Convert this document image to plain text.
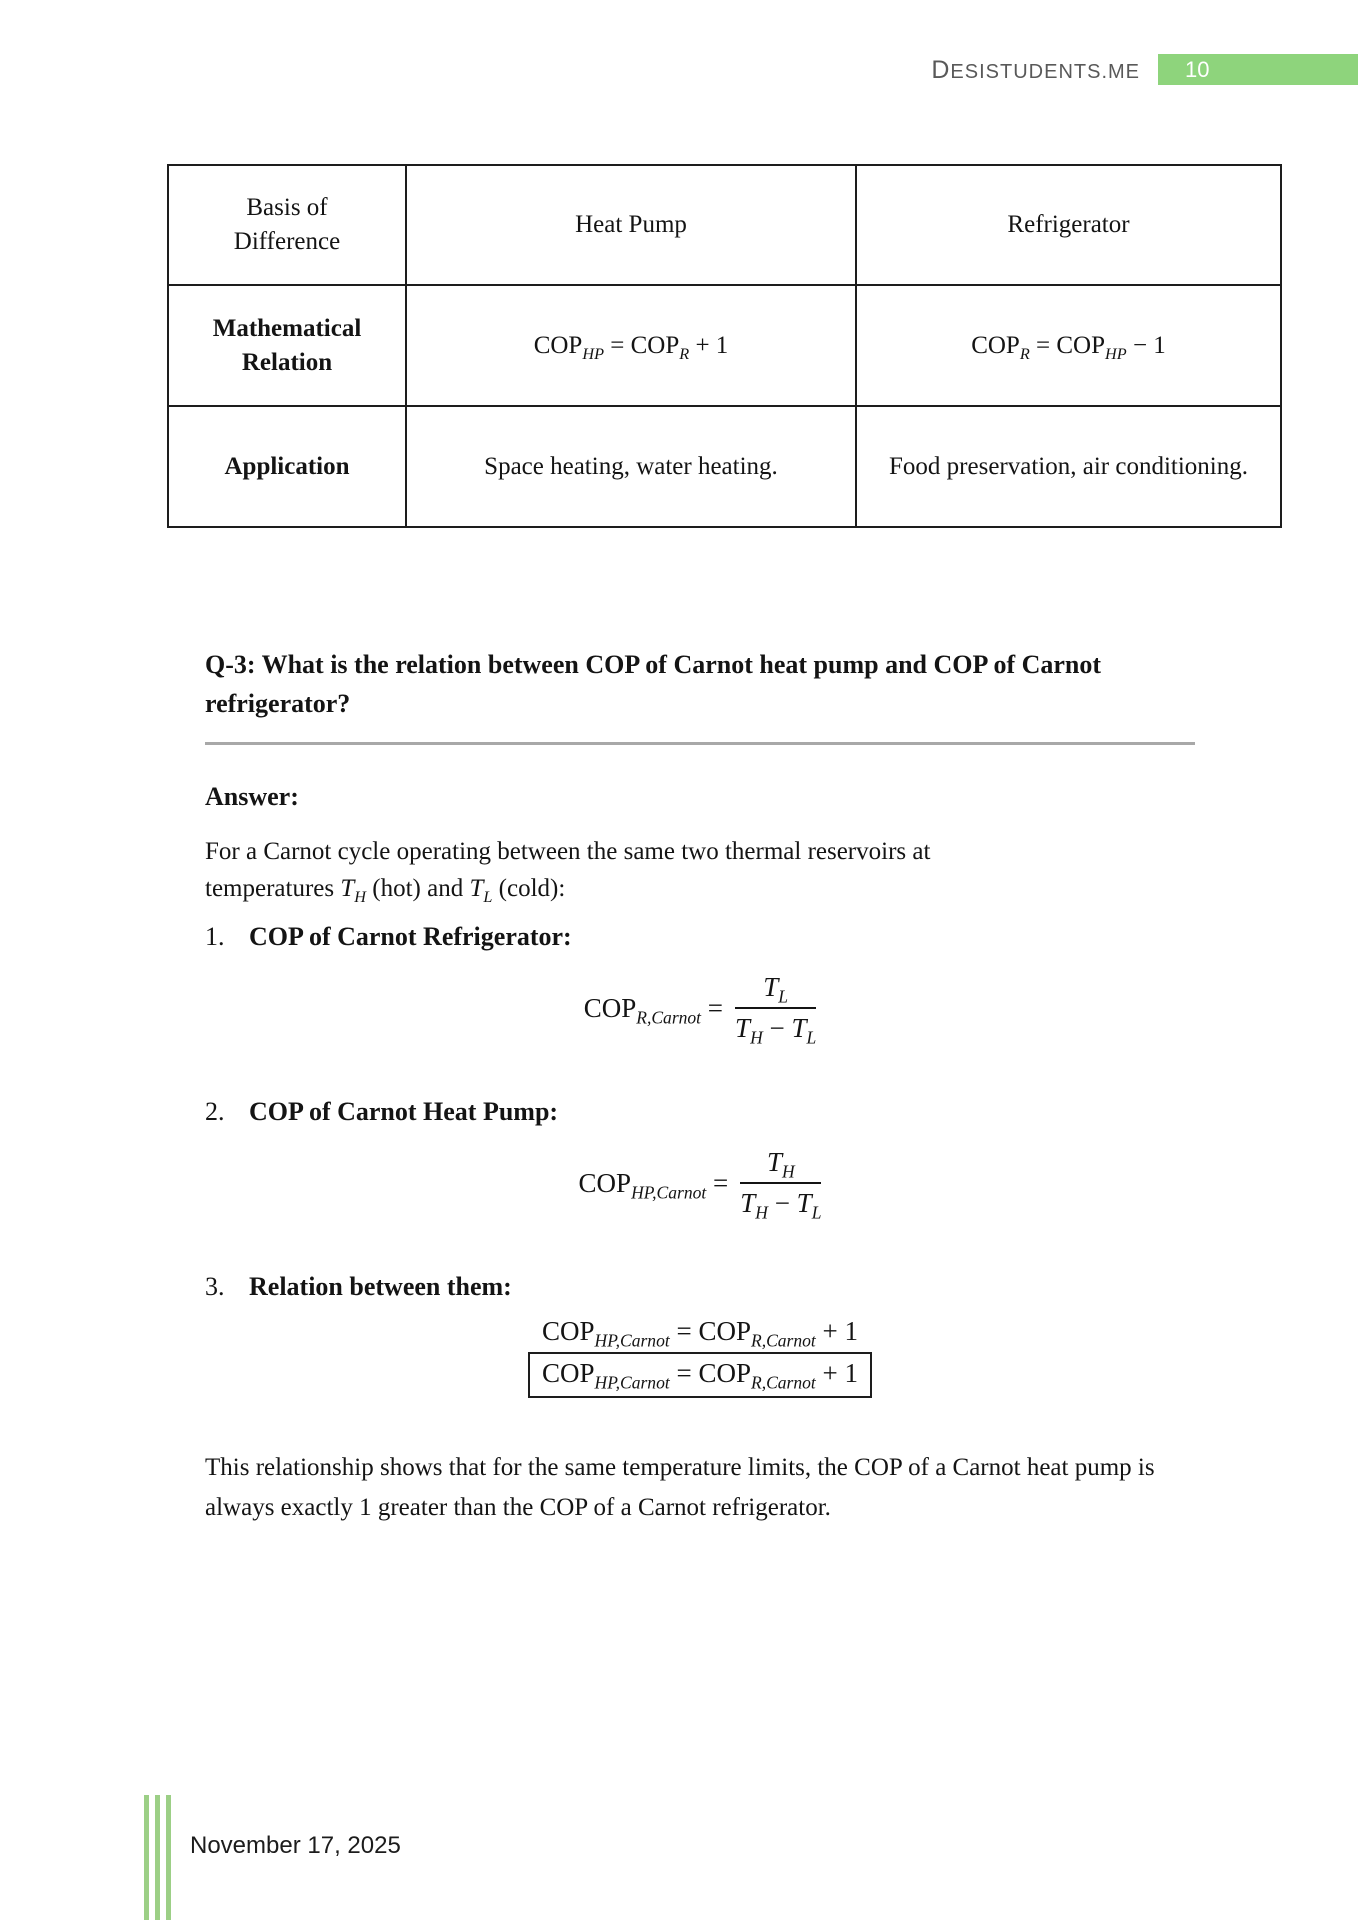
DESISTUDENTS.ME	10
Basis of Difference	Heat Pump	Refrigerator
Mathematical Relation	$COP_{HP} = COP_R + 1$	$COP_R = COP_{HP} - 1$
Application	Space heating, water heating.	Food preservation, air conditioning.
Q-3: What is the relation between COP of Carnot heat pump and COP of Carnot refrigerator?
Answer:
For a Carnot cycle operating between the same two thermal reservoirs at temperatures $T_H$ (hot) and $T_L$ (cold):
1. COP of Carnot Refrigerator:
$COP_{R,Carnot} = \frac{T_L}{T_H - T_L}$
2. COP of Carnot Heat Pump:
$COP_{HP,Carnot} = \frac{T_H}{T_H - T_L}$
3. Relation between them:
$COP_{HP,Carnot} = COP_{R,Carnot} + 1$
$COP_{HP,Carnot} = COP_{R,Carnot} + 1$
This relationship shows that for the same temperature limits, the COP of a Carnot heat pump is always exactly 1 greater than the COP of a Carnot refrigerator.
November 17, 2025
